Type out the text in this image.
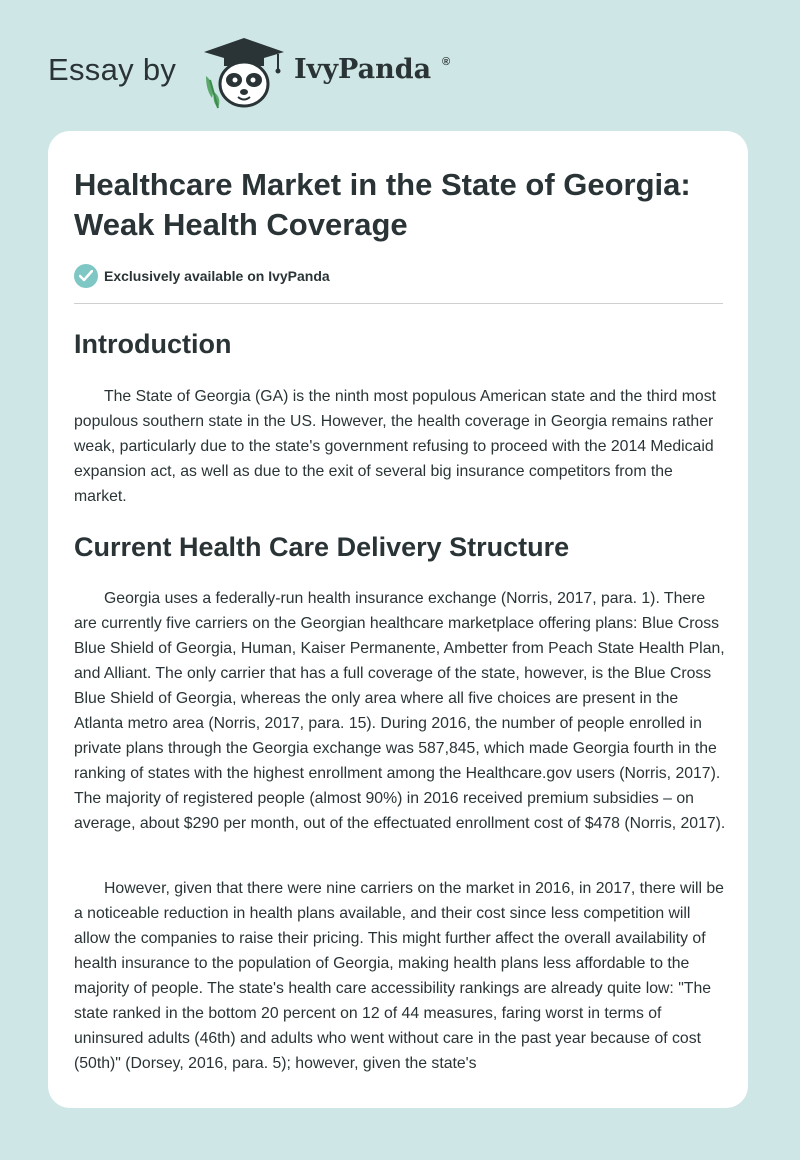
Essay by	IvyPanda ®
Healthcare Market in the State of Georgia: Weak Health Coverage
Exclusively available on IvyPanda
Introduction

The State of Georgia (GA) is the ninth most populous American state and the third most populous southern state in the US. However, the health coverage in Georgia remains rather weak, particularly due to the state's government refusing to proceed with the 2014 Medicaid expansion act, as well as due to the exit of several big insurance competitors from the market.

Current Health Care Delivery Structure

Georgia uses a federally-run health insurance exchange (Norris, 2017, para. 1). There are currently five carriers on the Georgian healthcare marketplace offering plans: Blue Cross Blue Shield of Georgia, Human, Kaiser Permanente, Ambetter from Peach State Health Plan, and Alliant. The only carrier that has a full coverage of the state, however, is the Blue Cross Blue Shield of Georgia, whereas the only area where all five choices are present in the Atlanta metro area (Norris, 2017, para. 15). During 2016, the number of people enrolled in private plans through the Georgia exchange was 587,845, which made Georgia fourth in the ranking of states with the highest enrollment among the Healthcare.gov users (Norris, 2017). The majority of registered people (almost 90%) in 2016 received premium subsidies – on average, about $290 per month, out of the effectuated enrollment cost of $478 (Norris, 2017).

However, given that there were nine carriers on the market in 2016, in 2017, there will be a noticeable reduction in health plans available, and their cost since less competition will allow the companies to raise their pricing. This might further affect the overall availability of health insurance to the population of Georgia, making health plans less affordable to the majority of people. The state's health care accessibility rankings are already quite low: "The state ranked in the bottom 20 percent on 12 of 44 measures, faring worst in terms of uninsured adults (46th) and adults who went without care in the past year because of cost (50th)" (Dorsey, 2016, para. 5); however, given the state's
